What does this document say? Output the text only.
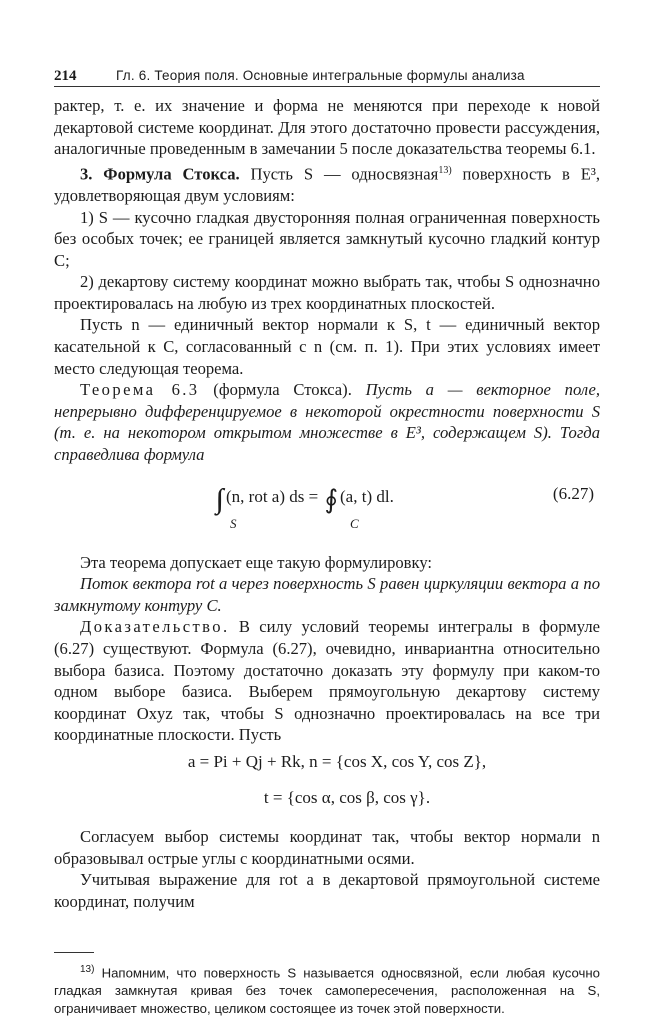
214	Гл. 6. Теория поля. Основные интегральные формулы анализа

рактер, т. е. их значение и форма не меняются при переходе к новой декартовой системе координат. Для этого достаточно провести рассуждения, аналогичные проведенным в замечании 5 после доказательства теоремы 6.1.

3. Формула Стокса. Пусть S — односвязная$^{13)}$ поверхность в E³, удовлетворяющая двум условиям:

1) S — кусочно гладкая двусторонняя полная ограниченная поверхность без особых точек; ее границей является замкнутый кусочно гладкий контур C;

2) декартову систему координат можно выбрать так, чтобы S однозначно проектировалась на любую из трех координатных плоскостей.

Пусть n — единичный вектор нормали к S, t — единичный вектор касательной к C, согласованный с n (см. п. 1). При этих условиях имеет место следующая теорема.

Теорема 6.3 (формула Стокса). Пусть a — векторное поле, непрерывно дифференцируемое в некоторой окрестности поверхности S (т. е. на некотором открытом множестве в E³, содержащем S). Тогда справедлива формула

(n, rot a) ds = ∮ (a, t) dl.
S	C
(6.27)

Эта теорема допускает еще такую формулировку:

Поток вектора rot a через поверхность S равен циркуляции вектора a по замкнутому контуру C.

Доказательство. В силу условий теоремы интегралы в формуле (6.27) существуют. Формула (6.27), очевидно, инвариантна относительно выбора базиса. Поэтому достаточно доказать эту формулу при каком-то одном выборе базиса. Выберем прямоугольную декартову систему координат Oxyz так, чтобы S однозначно проектировалась на все три координатные плоскости. Пусть

a = Pi + Qj + Rk, n = {cos X, cos Y, cos Z},
t = {cos α, cos β, cos γ}.

Согласуем выбор системы координат так, чтобы вектор нормали n образовывал острые углы с координатными осями.

Учитывая выражение для rot a в декартовой прямоугольной системе координат, получим

$^{13)}$ Напомним, что поверхность S называется односвязной, если любая кусочно гладкая замкнутая кривая без точек самопересечения, расположенная на S, ограничивает множество, целиком состоящее из точек этой поверхности.
